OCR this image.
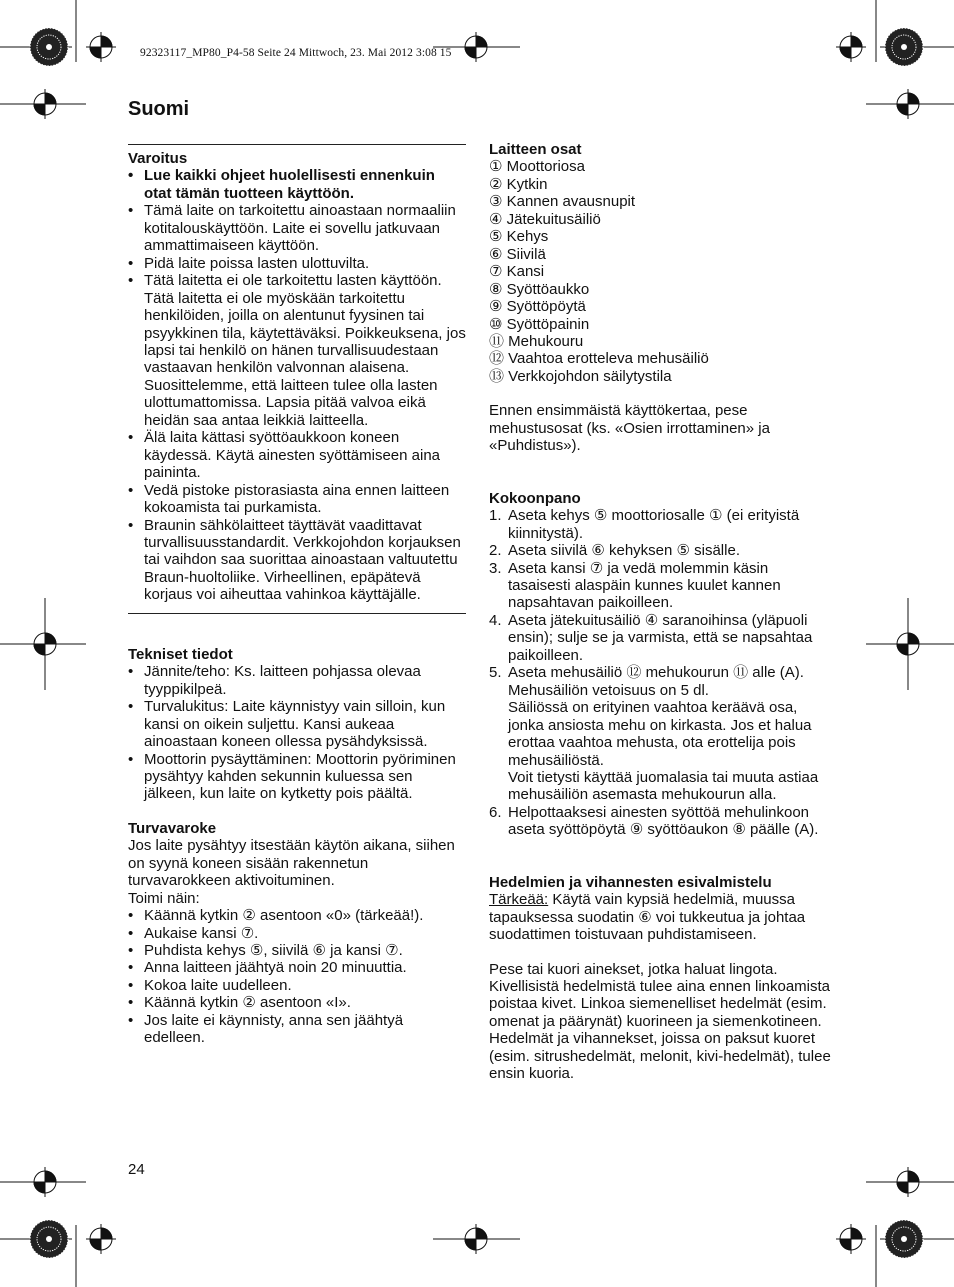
92323117_MP80_P4-58 Seite 24 Mittwoch, 23. Mai 2012 3:08 15
Suomi
Varoitus
• Lue kaikki ohjeet huolellisesti ennenkuin otat tämän tuotteen käyttöön.
• Tämä laite on tarkoitettu ainoastaan normaaliin kotitalouskäyttöön. Laite ei sovellu jatkuvaan ammattimaiseen käyttöön.
• Pidä laite poissa lasten ulottuvilta.
• Tätä laitetta ei ole tarkoitettu lasten käyttöön. Tätä laitetta ei ole myöskään tarkoitettu henkilöiden, joilla on alentunut fyysinen tai psyykkinen tila, käytettäväksi. Poikkeuksena, jos lapsi tai henkilö on hänen turvallisuudestaan vastaavan henkilön valvonnan alaisena. Suosittelemme, että laitteen tulee olla lasten ulottumattomissa. Lapsia pitää valvoa eikä heidän saa antaa leikkiä laitteella.
• Älä laita kättasi syöttöaukkoon koneen käydessä. Käytä ainesten syöttämiseen aina paininta.
• Vedä pistoke pistorasiasta aina ennen laitteen kokoamista tai purkamista.
• Braunin sähkölaitteet täyttävät vaadittavat turvallisuusstandardit. Verkkojohdon korjauksen tai vaihdon saa suorittaa ainoastaan valtuutettu Braun-huoltoliike. Virheellinen, epäpätevä korjaus voi aiheuttaa vahinkoa käyttäjälle.
Tekniset tiedot
• Jännite/teho: Ks. laitteen pohjassa olevaa tyyppikilpeä.
• Turvalukitus: Laite käynnistyy vain silloin, kun kansi on oikein suljettu. Kansi aukeaa ainoastaan koneen ollessa pysähdyksissä.
• Moottorin pysäyttäminen: Moottorin pyöriminen pysähtyy kahden sekunnin kuluessa sen jälkeen, kun laite on kytketty pois päältä.
Turvavaroke

Jos laite pysähtyy itsestään käytön aikana, siihen on syynä koneen sisään rakennetun turvavarokkeen aktivoituminen.

Toimi näin:

• Käännä kytkin ② asentoon «0» (tärkeää!).
• Aukaise kansi ⑦.
• Puhdista kehys ⑤, siivilä ⑥ ja kansi ⑦.
• Anna laitteen jäähtyä noin 20 minuuttia.
• Kokoa laite uudelleen.
• Käännä kytkin ② asentoon «I».
• Jos laite ei käynnisty, anna sen jäähtyä edelleen.
Laitteen osat
① Moottoriosa
② Kytkin
③ Kannen avausnupit
④ Jätekuitusäiliö
⑤ Kehys
⑥ Siivilä
⑦ Kansi
⑧ Syöttöaukko
⑨ Syöttöpöytä
⑩ Syöttöpainin
⑪ Mehukouru
⑫ Vaahtoa erotteleva mehusäiliö
⑬ Verkkojohdon säilytystila

Ennen ensimmäistä käyttökertaa, pese mehustusosat (ks. «Osien irrottaminen» ja «Puhdistus»).

Kokoonpano
1. Aseta kehys ⑤ moottoriosalle ① (ei erityistä kiinnitystä).
2. Aseta siivilä ⑥ kehyksen ⑤ sisälle.
3. Aseta kansi ⑦ ja vedä molemmin käsin tasaisesti alaspäin kunnes kuulet kannen napsahtavan paikoilleen.
4. Aseta jätekuitusäiliö ④ saranoihinsa (yläpuoli ensin); sulje se ja varmista, että se napsahtaa paikoilleen.
5. Aseta mehusäiliö ⑫ mehukourun ⑪ alle (A). Mehusäiliön vetoisuus on 5 dl.

Säiliössä on erityinen vaahtoa keräävä osa, jonka ansiosta mehu on kirkasta. Jos et halua erottaa vaahtoa mehusta, ota erottelija pois mehusäiliöstä.

Voit tietysti käyttää juomalasia tai muuta astiaa mehusäiliön asemasta mehukourun alla.

6. Helpottaaksesi ainesten syöttöä mehulinkoon aseta syöttöpöytä ⑨ syöttöaukon ⑧ päälle (A).
Hedelmien ja vihannesten esivalmistelu

Tärkeää: Käytä vain kypsiä hedelmiä, muussa tapauksessa suodatin ⑥ voi tukkeutua ja johtaa suodattimen toistuvaan puhdistamiseen.

Pese tai kuori ainekset, jotka haluat lingota. Kivellisistä hedelmistä tulee aina ennen linkoamista poistaa kivet. Linkoa siemenelliset hedelmät (esim. omenat ja päärynät) kuorineen ja siemenkotineen. Hedelmät ja vihannekset, joissa on paksut kuoret (esim. sitrushedelmät, melonit, kivi-hedelmät), tulee ensin kuoria.

24
